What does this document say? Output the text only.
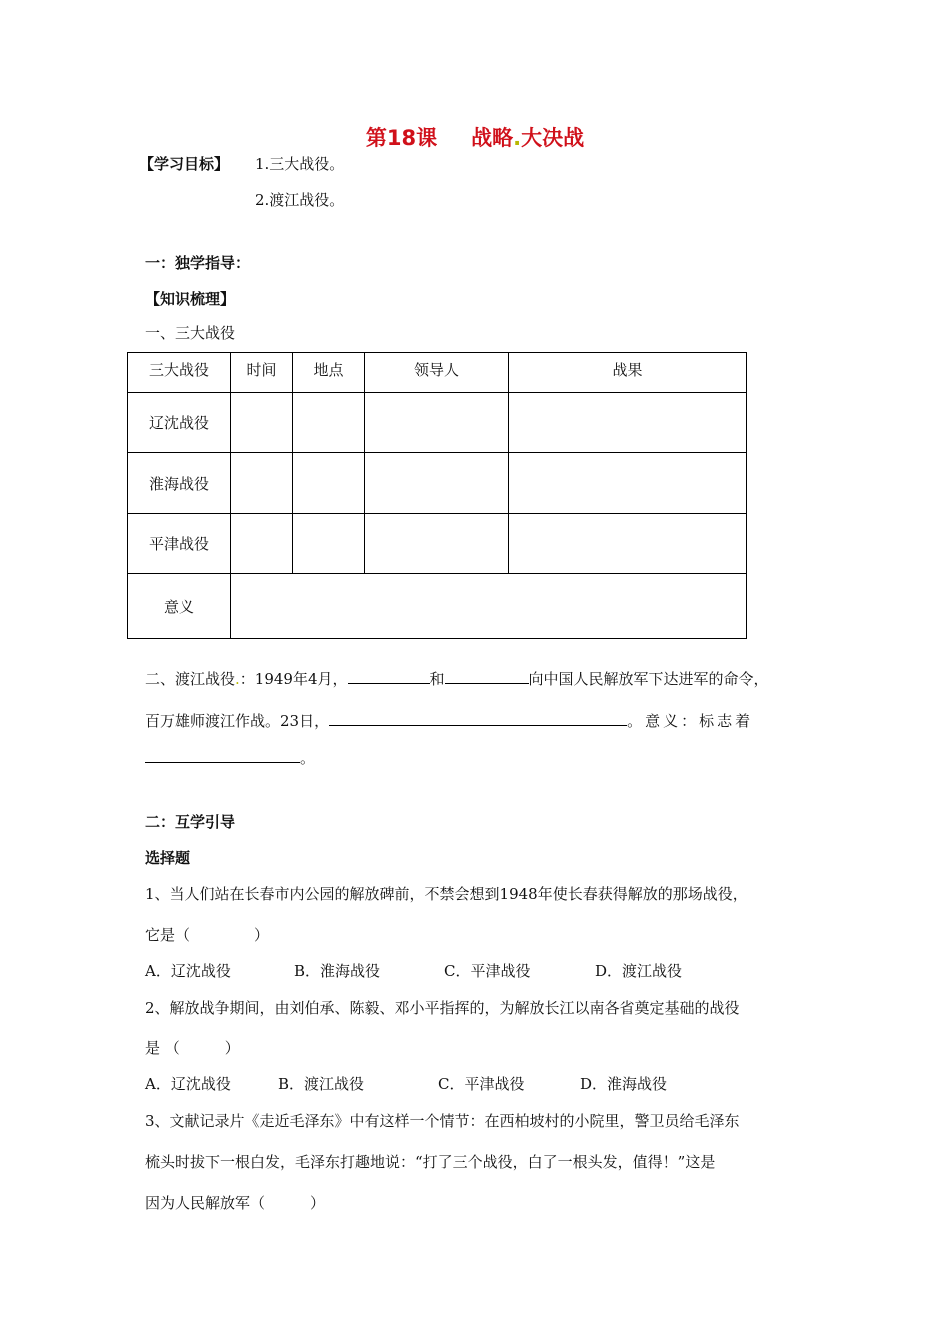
第18课 战略.大决战
【学习目标】 1.三大战役。
2.渡江战役。
一：独学指导：
【知识梳理】
一、三大战役
三大战役	时间	地点	领导人	战果
辽沈战役				
淮海战役				
平津战役				
意义				
二、渡江战役.：1949年4月，	和	向中国人民解放军下达进军的命令，
百万雄师渡江作战。23日，	。意义：标志着
。
二：互学引导
选择题
1、当人们站在长春市内公园的解放碑前，不禁会想到1948年使长春获得解放的那场战役，
它是（	）
A．辽沈战役	B．淮海战役	C．平津战役	D．渡江战役
2、解放战争期间，由刘伯承、陈毅、邓小平指挥的，为解放长江以南各省奠定基础的战役
是 （　　　）
A．辽沈战役	B．渡江战役	C．平津战役	D．淮海战役
3、文献记录片《走近毛泽东》中有这样一个情节：在西柏坡村的小院里，警卫员给毛泽东
梳头时拔下一根白发，毛泽东打趣地说：“打了三个战役，白了一根头发，值得！”这是
因为人民解放军（　　　）
